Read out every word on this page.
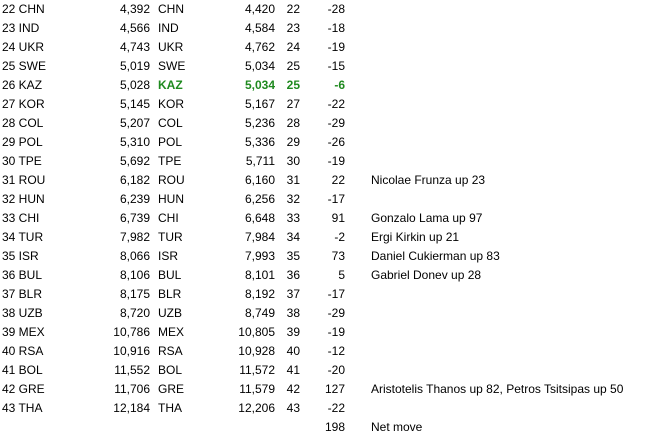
22 CHN	4,392 CHN	4,420 22	-28
23 IND	4,566 IND	4,584 23	-18
24 UKR	4,743 UKR	4,762 24	-19
25 SWE	5,019 SWE	5,034 25	-15
26 KAZ	5,028 KAZ	5,034 25	-6
27 KOR	5,145 KOR	5,167 27	-22
28 COL	5,207 COL	5,236 28	-29
29 POL	5,310 POL	5,336 29	-26
30 TPE	5,692 TPE	5,711 30	-19
31 ROU	6,182 ROU	6,160 31	22 Nicolae Frunza up 23
32 HUN	6,239 HUN	6,256 32	-17
33 CHI	6,739 CHI	6,648 33	91 Gonzalo Lama up 97
34 TUR	7,982 TUR	7,984 34	-2 Ergi Kirkin up 21
35 ISR	8,066 ISR	7,993 35	73 Daniel Cukierman up 83
36 BUL	8,106 BUL	8,101 36	5 Gabriel Donev up 28
37 BLR	8,175 BLR	8,192 37	-17
38 UZB	8,720 UZB	8,749 38	-29
39 MEX	10,786 MEX	10,805 39	-19
40 RSA	10,916 RSA	10,928 40	-12
41 BOL	11,552 BOL	11,572 41	-20
42 GRE	11,706 GRE	11,579 42	127 Aristotelis Thanos up 82, Petros Tsitsipas up 50
43 THA	12,184 THA	12,206 43	-22
198 Net move
